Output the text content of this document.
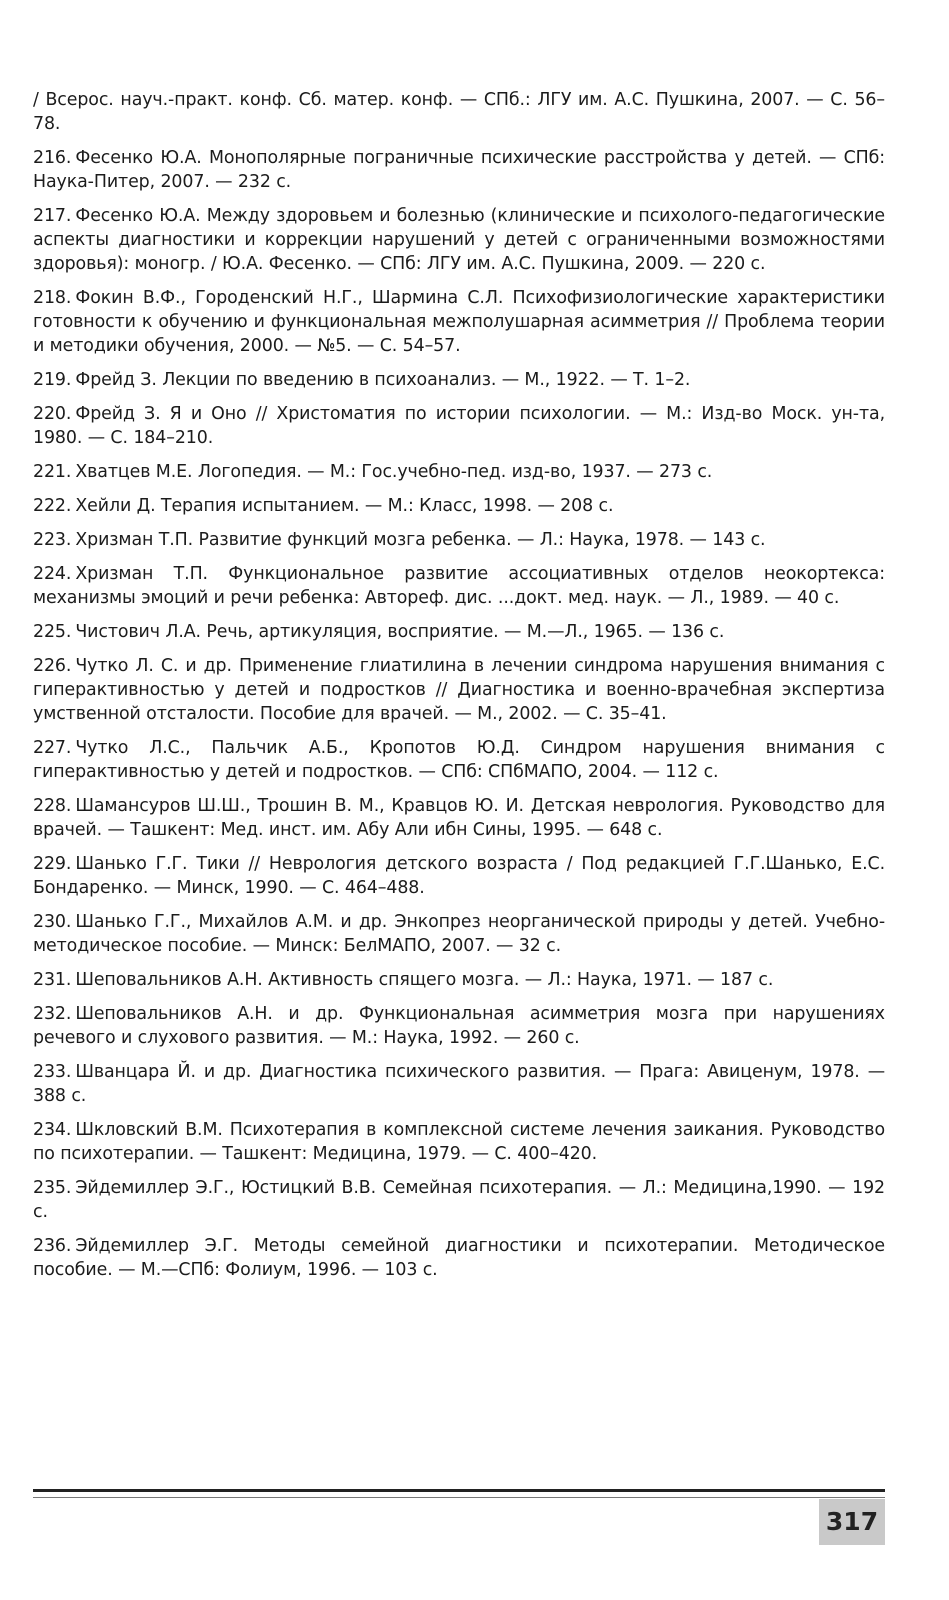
/ Всерос. науч.-практ. конф. Сб. матер. конф. — СПб.: ЛГУ им. А.С. Пушкина, 2007. — С. 56–78.

216. Фесенко Ю.А. Монополярные пограничные психические расстройства у детей. — СПб: Наука-Питер, 2007. — 232 с.

217. Фесенко Ю.А. Между здоровьем и болезнью (клинические и психолого-педагогические аспекты диагностики и коррекции нарушений у детей с ограниченными возможностями здоровья): моногр. / Ю.А. Фесенко. — СПб: ЛГУ им. А.С. Пушкина, 2009. — 220 с.

218. Фокин В.Ф., Городенский Н.Г., Шармина С.Л. Психофизиологические характеристики готовности к обучению и функциональная межполушарная асимметрия // Проблема теории и методики обучения, 2000. — №5. — С. 54–57.

219. Фрейд З. Лекции по введению в психоанализ. — М., 1922. — Т. 1–2.

220. Фрейд З. Я и Оно // Христоматия по истории психологии. — М.: Изд-во Моск. ун-та, 1980. — С. 184–210.

221. Хватцев М.Е. Логопедия. — М.: Гос.учебно-пед. изд-во, 1937. — 273 с.

222. Хейли Д. Терапия испытанием. — М.: Класс, 1998. — 208 с.

223. Хризман Т.П. Развитие функций мозга ребенка. — Л.: Наука, 1978. — 143 с.

224. Хризман Т.П. Функциональное развитие ассоциативных отделов неокортекса: механизмы эмоций и речи ребенка: Автореф. дис. ...докт. мед. наук. — Л., 1989. — 40 с.

225. Чистович Л.А. Речь, артикуляция, восприятие. — М.—Л., 1965. — 136 с.

226. Чутко Л. С. и др. Применение глиатилина в лечении синдрома нарушения внимания с гиперактивностью у детей и подростков // Диагностика и военно-врачебная экспертиза умственной отсталости. Пособие для врачей. — М., 2002. — С. 35–41.

227. Чутко Л.С., Пальчик А.Б., Кропотов Ю.Д. Синдром нарушения внимания с гиперактивностью у детей и подростков. — СПб: СПбМАПО, 2004. — 112 с.

228. Шамансуров Ш.Ш., Трошин В. М., Кравцов Ю. И. Детская неврология. Руководство для врачей. — Ташкент: Мед. инст. им. Абу Али ибн Сины, 1995. — 648 с.

229. Шанько Г.Г. Тики // Неврология детского возраста / Под редакцией Г.Г.Шанько, Е.С. Бондаренко. — Минск, 1990. — С. 464–488.

230. Шанько Г.Г., Михайлов А.М. и др. Энкопрез неорганической природы у детей. Учебно-методическое пособие. — Минск: БелМАПО, 2007. — 32 с.

231. Шеповальников А.Н. Активность спящего мозга. — Л.: Наука, 1971. — 187 с.

232. Шеповальников А.Н. и др. Функциональная асимметрия мозга при нарушениях речевого и слухового развития. — М.: Наука, 1992. — 260 с.

233. Шванцара Й. и др. Диагностика психического развития. — Прага: Авиценум, 1978. — 388 с.

234. Шкловский В.М. Психотерапия в комплексной системе лечения заикания. Руководство по психотерапии. — Ташкент: Медицина, 1979. — С. 400–420.

235. Эйдемиллер Э.Г., Юстицкий В.В. Семейная психотерапия. — Л.: Медицина,1990. — 192 с.

236. Эйдемиллер Э.Г. Методы семейной диагностики и психотерапии. Методическое пособие. — М.—СПб: Фолиум, 1996. — 103 с.

317
